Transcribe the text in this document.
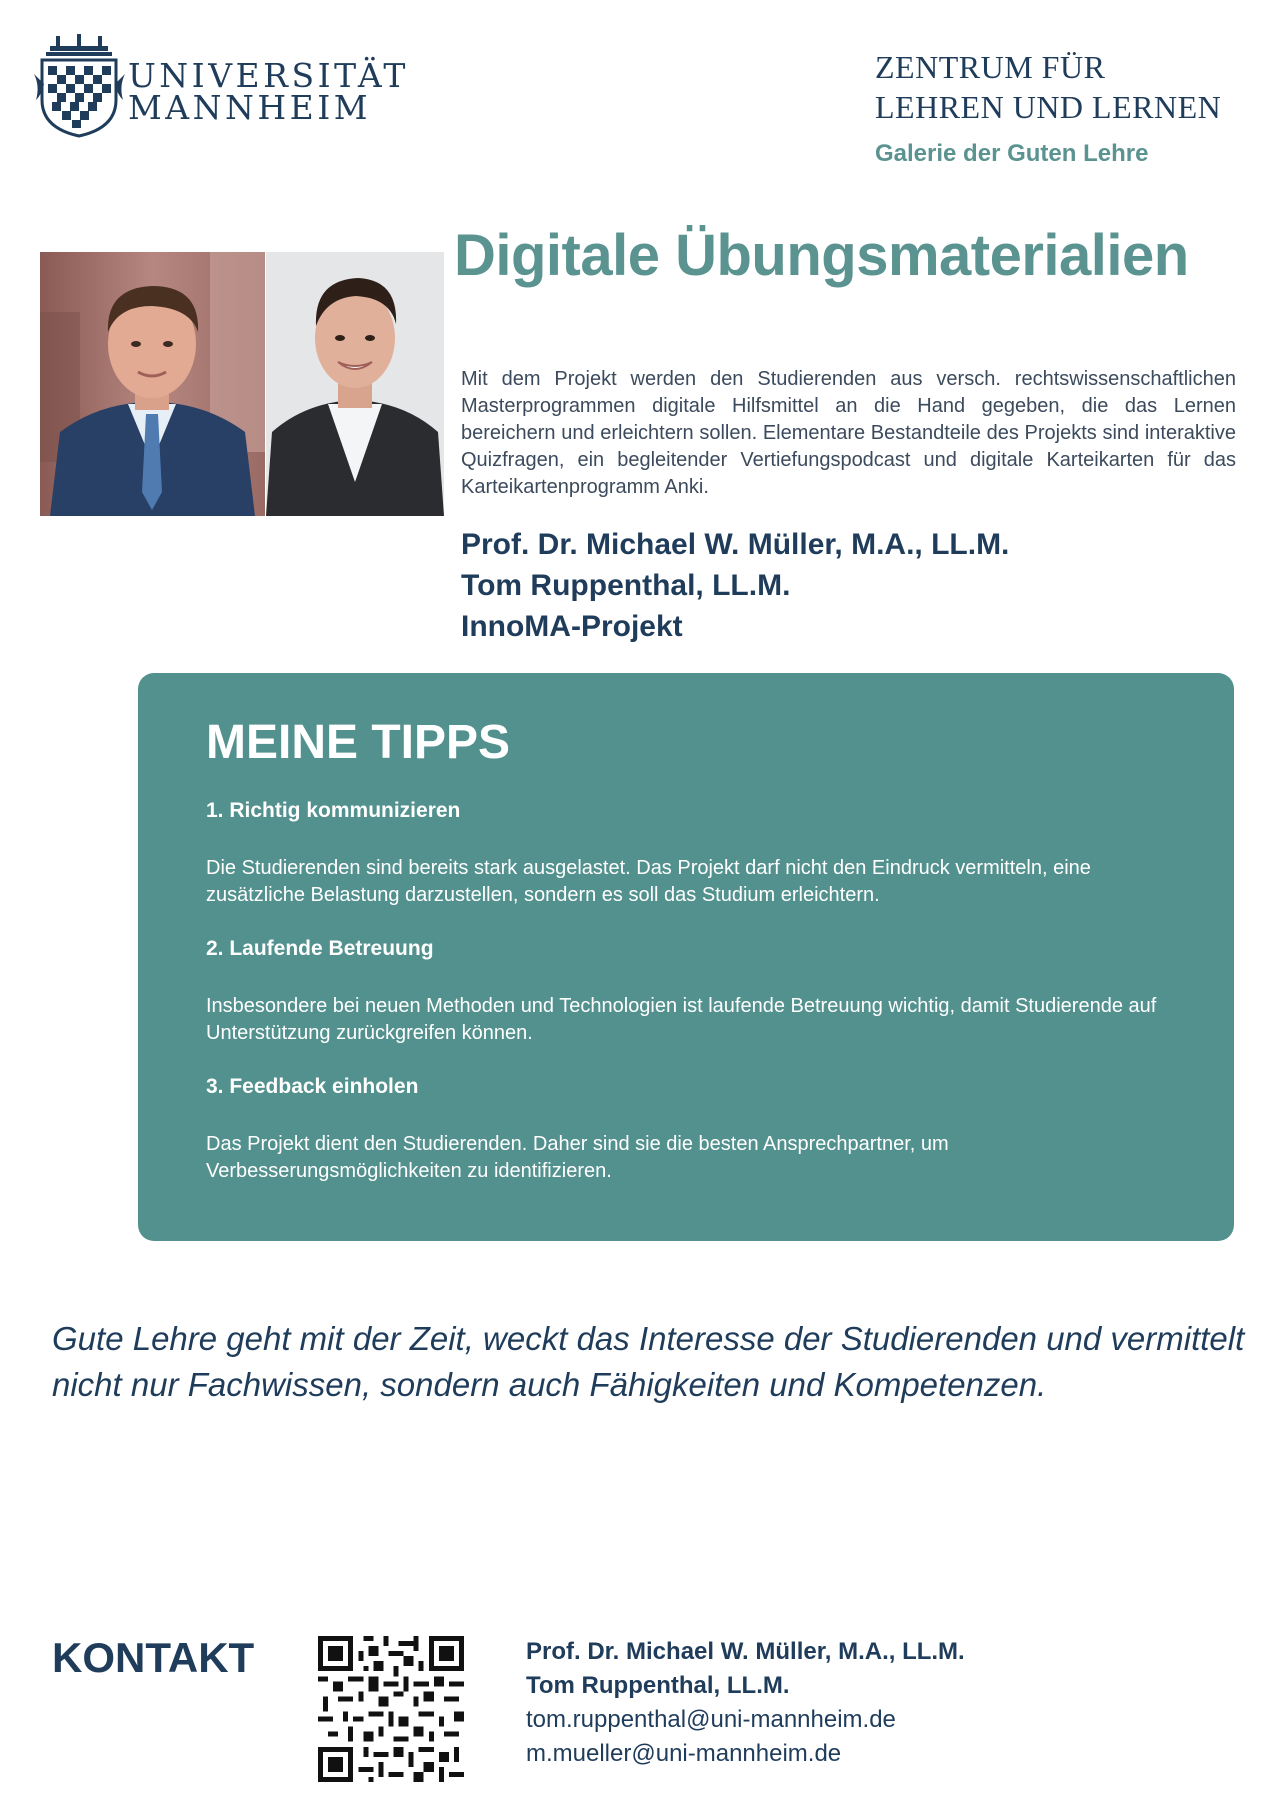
UNIVERSITÄT
MANNHEIM
ZENTRUM FÜR
LEHREN UND LERNEN
Galerie der Guten Lehre
Digitale Übungsmaterialien

Mit dem Projekt werden den Studierenden aus versch. rechtswissenschaftlichen Masterprogrammen digitale Hilfsmittel an die Hand gegeben, die das Lernen bereichern und erleichtern sollen. Elementare Bestandteile des Projekts sind interaktive Quizfragen, ein begleitender Vertiefungspodcast und digitale Karteikarten für das Karteikartenprogramm Anki.

Prof. Dr. Michael W. Müller, M.A., LL.M.
Tom Ruppenthal, LL.M.
InnoMA-Projekt
MEINE TIPPS
1. Richtig kommunizieren

Die Studierenden sind bereits stark ausgelastet. Das Projekt darf nicht den Eindruck vermitteln, eine zusätzliche Belastung darzustellen, sondern es soll das Studium erleichtern.

2. Laufende Betreuung

Insbesondere bei neuen Methoden und Technologien ist laufende Betreuung wichtig, damit Studierende auf Unterstützung zurückgreifen können.

3. Feedback einholen

Das Projekt dient den Studierenden. Daher sind sie die besten Ansprechpartner, um Verbesserungsmöglichkeiten zu identifizieren.

Gute Lehre geht mit der Zeit, weckt das Interesse der Studierenden und vermittelt nicht nur Fachwissen, sondern auch Fähigkeiten und Kompetenzen.

KONTAKT	Prof. Dr. Michael W. Müller, M.A., LL.M.
Tom Ruppenthal, LL.M.
tom.ruppenthal@uni-mannheim.de
m.mueller@uni-mannheim.de
